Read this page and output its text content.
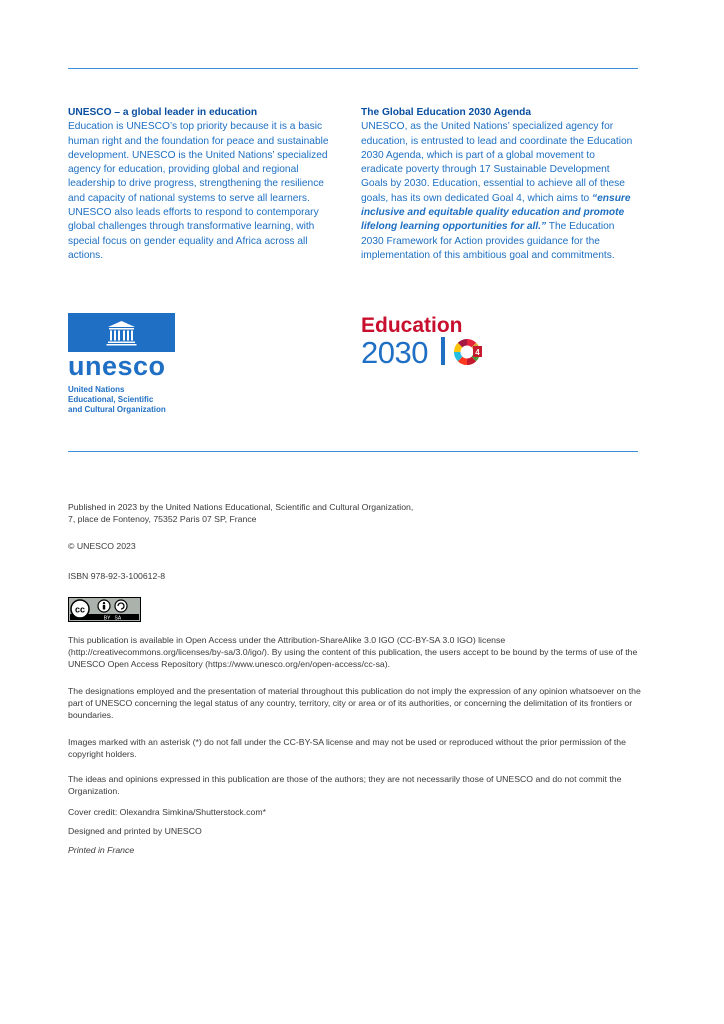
UNESCO – a global leader in education

Education is UNESCO’s top priority because it is a basic human right and the foundation for peace and sustainable development. UNESCO is the United Nations’ specialized agency for education, providing global and regional leadership to drive progress, strengthening the resilience and capacity of national systems to serve all learners. UNESCO also leads efforts to respond to contemporary global challenges through transformative learning, with special focus on gender equality and Africa across all actions.

The Global Education 2030 Agenda

UNESCO, as the United Nations’ specialized agency for education, is entrusted to lead and coordinate the Education 2030 Agenda, which is part of a global movement to eradicate poverty through 17 Sustainable Development Goals by 2030. Education, essential to achieve all of these goals, has its own dedicated Goal 4, which aims to “ensure inclusive and equitable quality education and promote lifelong learning opportunities for all.” The Education 2030 Framework for Action provides guidance for the implementation of this ambitious goal and commitments.

unesco
United Nations
Educational, Scientific
and Cultural Organization
Education
2030	4

Published in 2023 by the United Nations Educational, Scientific and Cultural Organization,

7, place de Fontenoy, 75352 Paris 07 SP, France

© UNESCO 2023
ISBN 978-92-3-100612-8
cc
BY   SA
This publication is available in Open Access under the Attribution-ShareAlike 3.0 IGO (CC-BY-SA 3.0 IGO) license (http://creativecommons.org/licenses/by-sa/3.0/igo/). By using the content of this publication, the users accept to be bound by the terms of use of the UNESCO Open Access Repository (https://www.unesco.org/en/open-access/cc-sa).
The designations employed and the presentation of material throughout this publication do not imply the expression of any opinion whatsoever on the part of UNESCO concerning the legal status of any country, territory, city or area or of its authorities, or concerning the delimitation of its frontiers or boundaries.
Images marked with an asterisk (*) do not fall under the CC-BY-SA license and may not be used or reproduced without the prior permission of the copyright holders.
The ideas and opinions expressed in this publication are those of the authors; they are not necessarily those of UNESCO and do not commit the Organization.
Cover credit: Olexandra Simkina/Shutterstock.com*
Designed and printed by UNESCO
Printed in France
